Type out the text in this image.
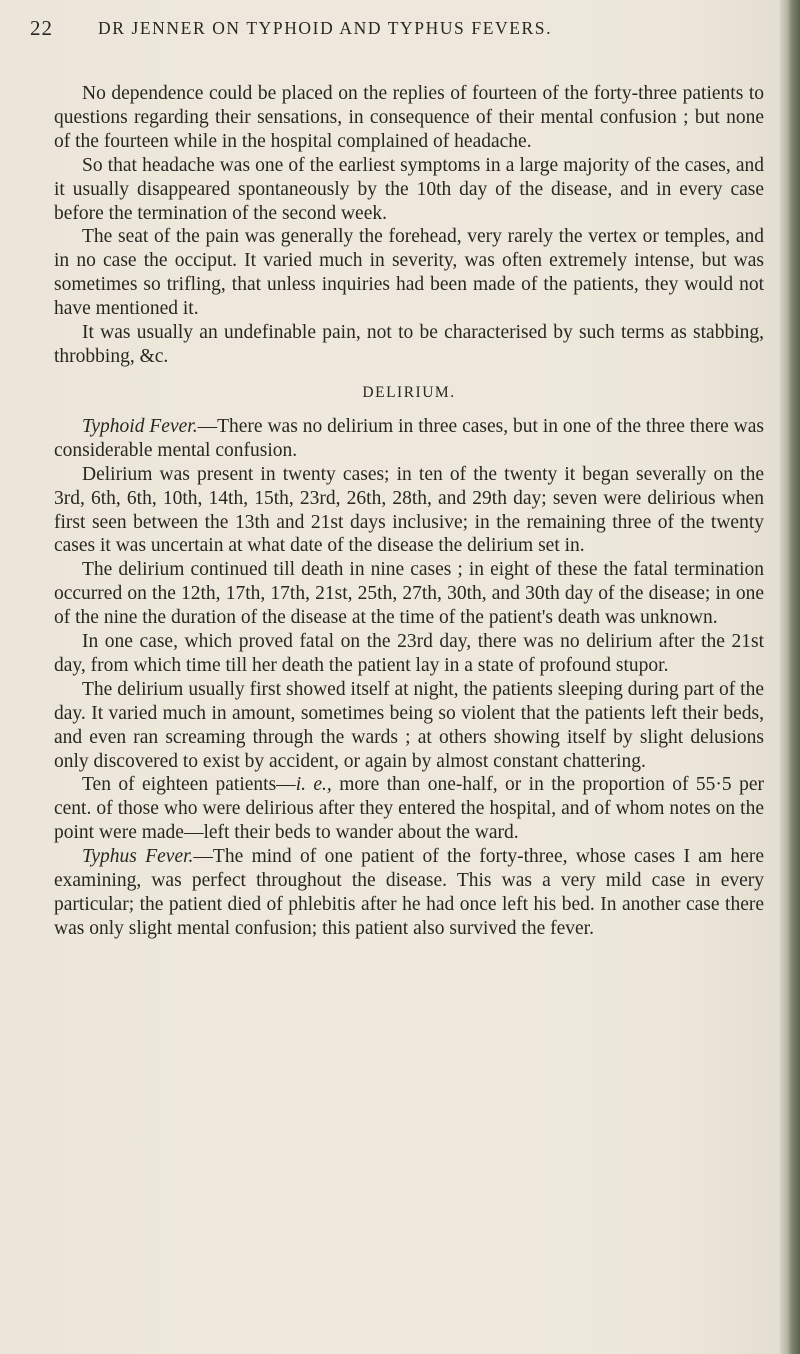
22	DR JENNER ON TYPHOID AND TYPHUS FEVERS.

No dependence could be placed on the replies of fourteen of the forty-three patients to questions regarding their sensations, in consequence of their mental confusion ; but none of the fourteen while in the hospital complained of headache.

So that headache was one of the earliest symptoms in a large majority of the cases, and it usually disappeared spontaneously by the 10th day of the disease, and in every case before the termination of the second week.

The seat of the pain was generally the forehead, very rarely the vertex or temples, and in no case the occiput. It varied much in severity, was often extremely intense, but was sometimes so trifling, that unless inquiries had been made of the patients, they would not have mentioned it.

It was usually an undefinable pain, not to be characterised by such terms as stabbing, throbbing, &c.

DELIRIUM.

Typhoid Fever.—There was no delirium in three cases, but in one of the three there was considerable mental confusion.

Delirium was present in twenty cases; in ten of the twenty it began severally on the 3rd, 6th, 6th, 10th, 14th, 15th, 23rd, 26th, 28th, and 29th day; seven were delirious when first seen between the 13th and 21st days inclusive; in the remaining three of the twenty cases it was uncertain at what date of the disease the delirium set in.

The delirium continued till death in nine cases ; in eight of these the fatal termination occurred on the 12th, 17th, 17th, 21st, 25th, 27th, 30th, and 30th day of the disease; in one of the nine the duration of the disease at the time of the patient's death was unknown.

In one case, which proved fatal on the 23rd day, there was no delirium after the 21st day, from which time till her death the patient lay in a state of profound stupor.

The delirium usually first showed itself at night, the patients sleeping during part of the day. It varied much in amount, sometimes being so violent that the patients left their beds, and even ran screaming through the wards ; at others showing itself by slight delusions only discovered to exist by accident, or again by almost constant chattering.

Ten of eighteen patients—i. e., more than one-half, or in the proportion of 55·5 per cent. of those who were delirious after they entered the hospital, and of whom notes on the point were made—left their beds to wander about the ward.

Typhus Fever.—The mind of one patient of the forty-three, whose cases I am here examining, was perfect throughout the disease. This was a very mild case in every particular; the patient died of phlebitis after he had once left his bed. In another case there was only slight mental confusion; this patient also survived the fever.
